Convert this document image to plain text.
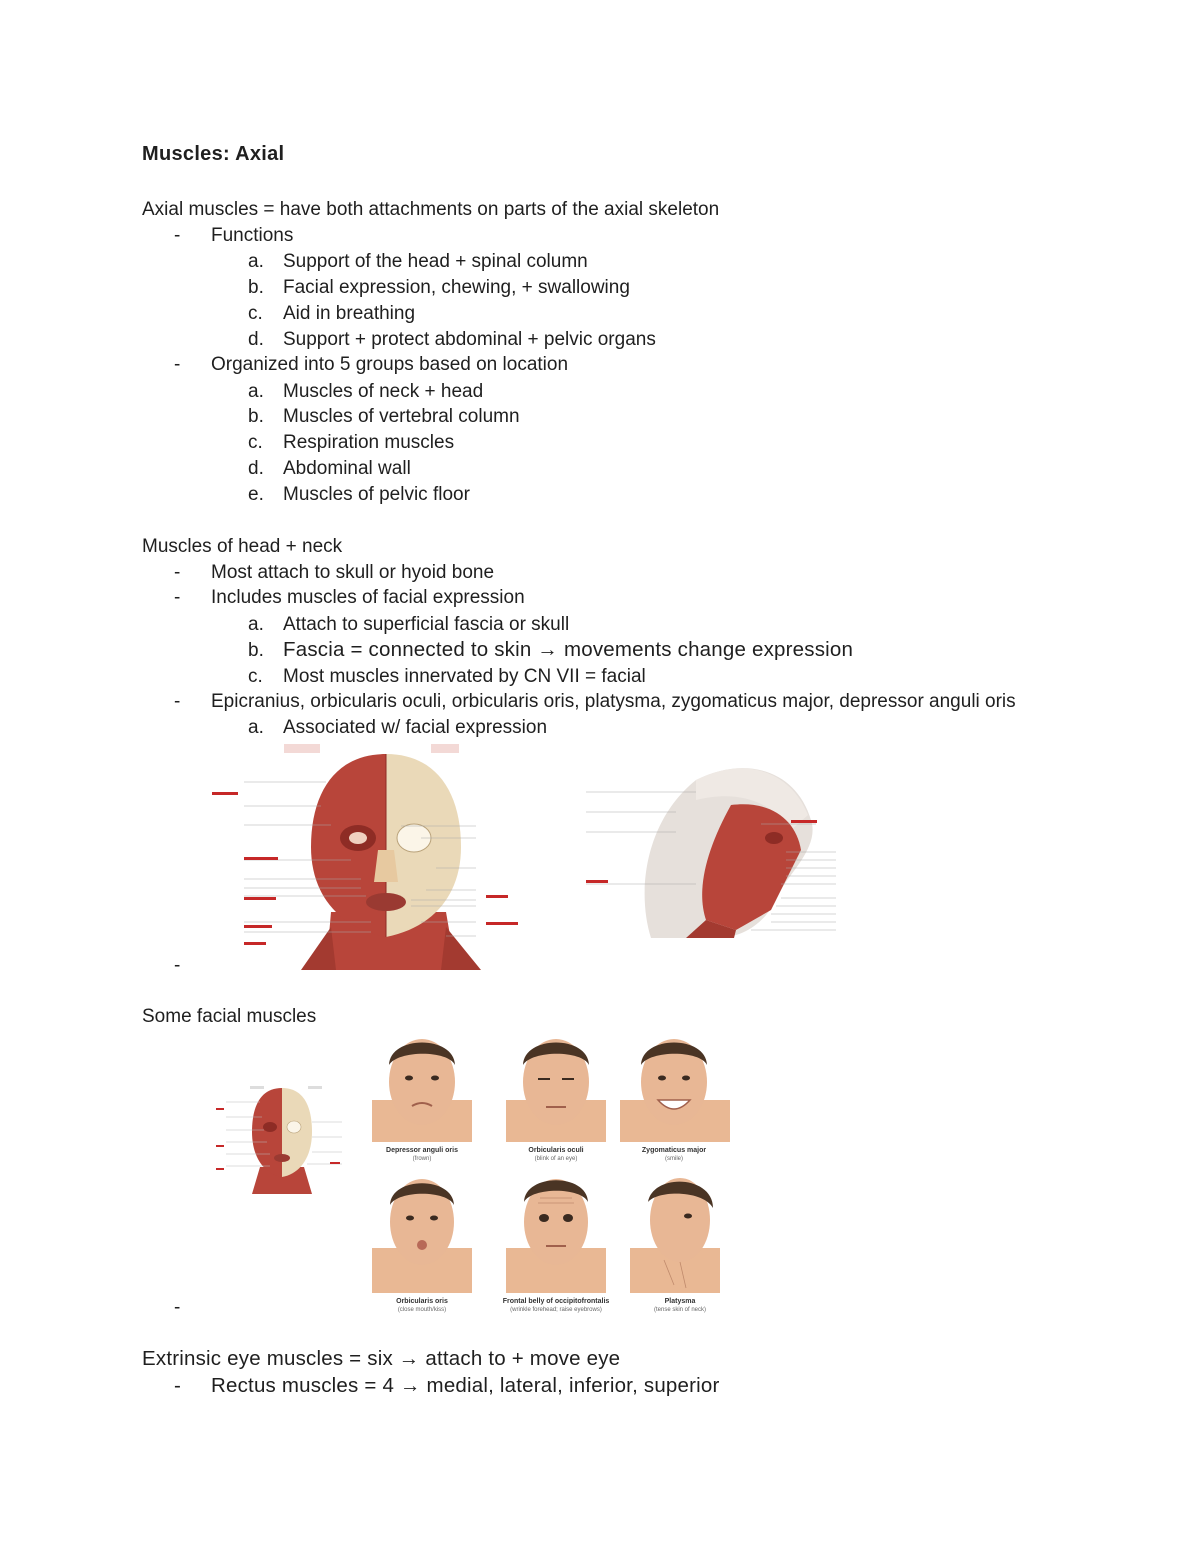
Muscles: Axial
Axial muscles = have both attachments on parts of the axial skeleton
- Functions
a. Support of the head + spinal column
b. Facial expression, chewing, + swallowing
c. Aid in breathing
d. Support + protect abdominal + pelvic organs
- Organized into 5 groups based on location
a. Muscles of neck + head
b. Muscles of vertebral column
c. Respiration muscles
d. Abdominal wall
e. Muscles of pelvic floor
Muscles of head + neck
- Most attach to skull or hyoid bone
- Includes muscles of facial expression
a. Attach to superficial fascia or skull
b. Fascia = connected to skin → movements change expression
c. Most muscles innervated by CN VII = facial
- Epicranius, orbicularis oculi, orbicularis oris, platysma, zygomaticus major, depressor anguli oris
a. Associated w/ facial expression
-
Some facial muscles
Depressor anguli oris
(frown)
Orbicularis oculi
(blink of an eye)
Zygomaticus major
(smile)
Orbicularis oris
(close mouth/kiss)
Frontal belly of occipitofrontalis
(wrinkle forehead; raise eyebrows)
Platysma
(tense skin of neck)
-
Extrinsic eye muscles = six → attach to + move eye
- Rectus muscles = 4 → medial, lateral, inferior, superior
